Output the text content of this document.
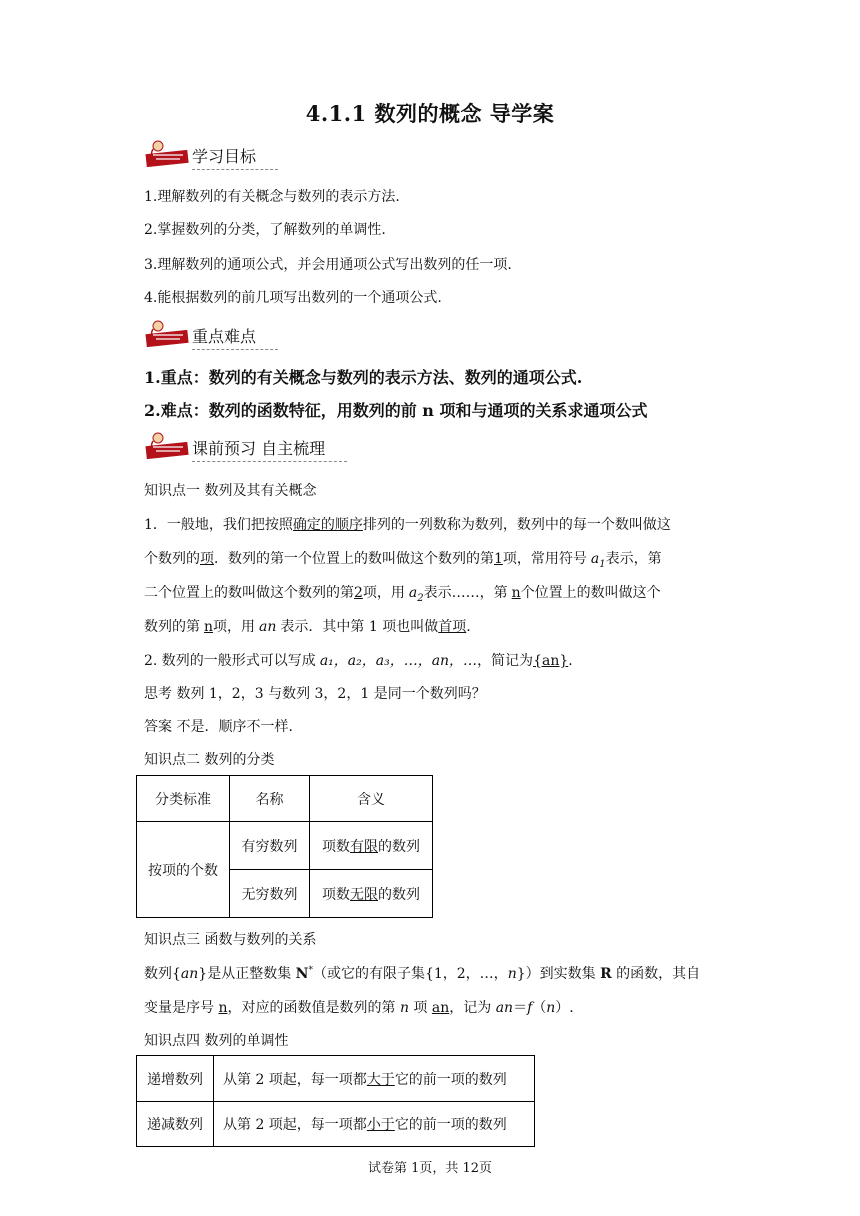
4.1.1 数列的概念 导学案
学习目标
1.理解数列的有关概念与数列的表示方法.
2.掌握数列的分类，了解数列的单调性.
3.理解数列的通项公式，并会用通项公式写出数列的任一项.
4.能根据数列的前几项写出数列的一个通项公式.
重点难点
1.重点：数列的有关概念与数列的表示方法、数列的通项公式.
2.难点：数列的函数特征，用数列的前 n 项和与通项的关系求通项公式
课前预习 自主梳理
知识点一 数列及其有关概念
1．一般地，我们把按照确定的顺序排列的一列数称为数列，数列中的每一个数叫做这
个数列的项．数列的第一个位置上的数叫做这个数列的第1项，常用符号 $a_1$表示，第
二个位置上的数叫做这个数列的第2项，用 $a_2$表示……，第 n个位置上的数叫做这个
数列的第 n项，用 an 表示．其中第 1 项也叫做首项.
2. 数列的一般形式可以写成 a₁，a₂，a₃，…，an，…，简记为{an}.
思考 数列 1，2，3 与数列 3，2，1 是同一个数列吗？
答案 不是．顺序不一样．
知识点二 数列的分类
分类标准	名称	含义
按项的个数	有穷数列	项数有限的数列
	无穷数列	项数无限的数列
知识点三 函数与数列的关系
数列{an}是从正整数集 N*（或它的有限子集{1，2，…，n}）到实数集 R 的函数，其自
变量是序号 n，对应的函数值是数列的第 n 项 an，记为 an＝f（n）.
知识点四 数列的单调性
递增数列	从第 2 项起，每一项都大于它的前一项的数列
递减数列	从第 2 项起，每一项都小于它的前一项的数列
试卷第 1页，共 12页
